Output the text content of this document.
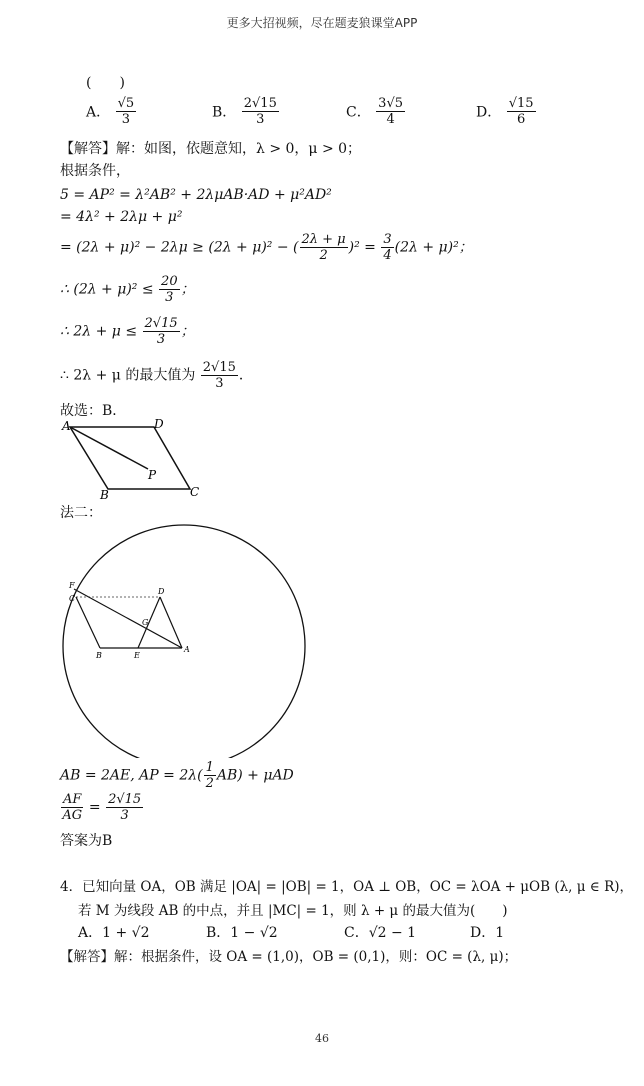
更多大招视频，尽在题麦狼课堂APP
(　　)
A． $\frac{√5}{3}$	B． $\frac{2√15}{3}$	C． $\frac{3√5}{4}$	D． $\frac{√15}{6}$
【解答】解：如图，依题意知，λ > 0，μ > 0；
根据条件，
5 = AP² = λ²AB² + 2λμAB·AD + μ²AD²
= 4λ² + 2λμ + μ²
= (2λ + μ)² − 2λμ ≥ (2λ + μ)² − ( $\frac{2\lambda + \mu}{2} )^2 = \frac{3}{4} (2\lambda + \mu)^2$；
∴ $(2\lambda + \mu)^2 \le \frac{20}{3}$ ；
∴ $2\lambda + \mu \le \frac{2√15}{3}$ ；
∴ 2λ + μ 的最大值为 $\frac{2√15}{3}$ ．
故选：B．
A	D
P
B	C
法二：
F
C
D
G
B	E
A
AB = 2AE, AP = $2\lambda( \frac{1}{2} AB) + \mu AD$
$\frac{AF}{AG} = \frac{2√15}{3}$
答案为B
4．已知向量 OA，OB 满足 |OA| = |OB| = 1，OA ⊥ OB，OC = λOA + μOB (λ, μ ∈ R)，
若 M 为线段 AB 的中点，并且 |MC| = 1，则 λ + μ 的最大值为(　　)
A．1 + √2	B．1 − √2	C．√2 − 1	D．1
【解答】解：根据条件，设 OA = (1,0)，OB = (0,1)，则：OC = (λ, μ)；
46
